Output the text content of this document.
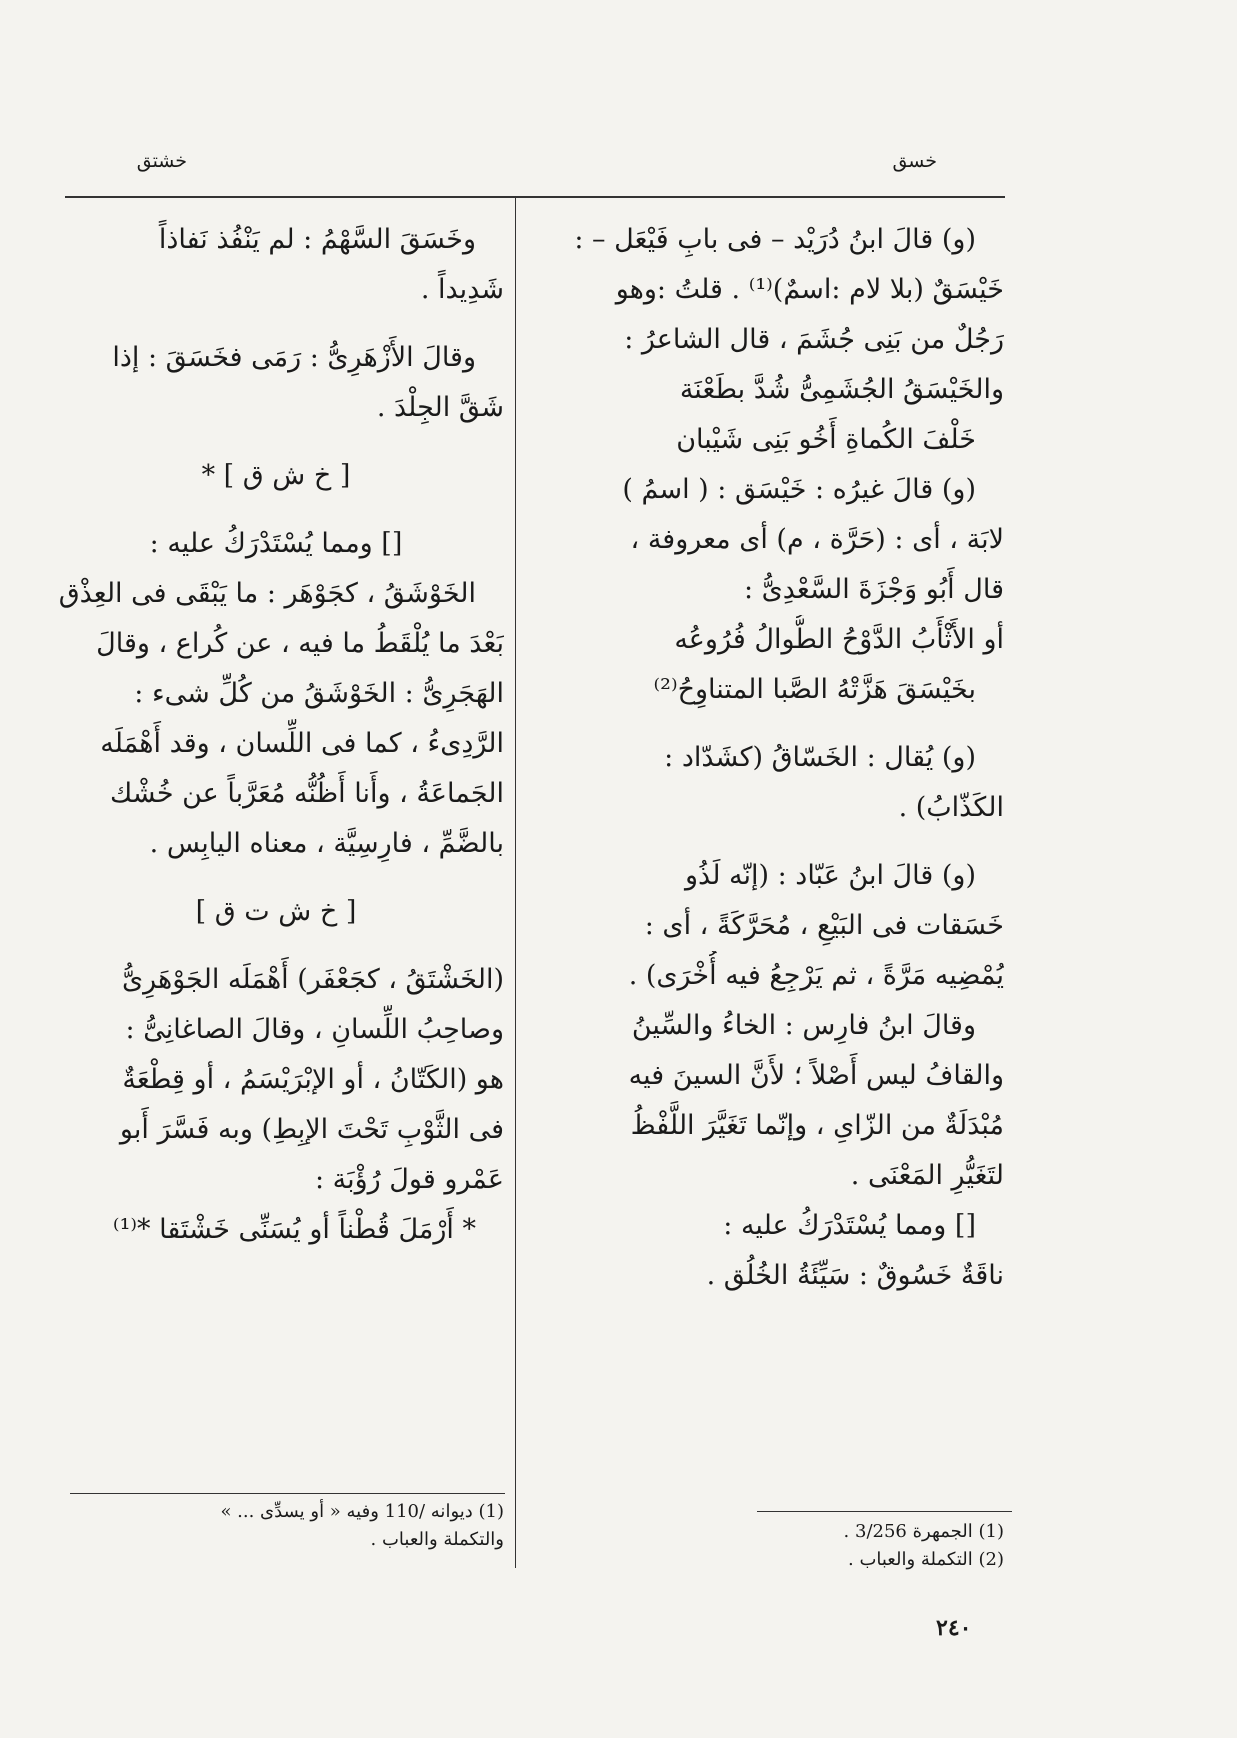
خسق
خشتق
(و) قالَ ابنُ دُرَيْد – فى بابِ فَيْعَل – :
خَيْسَقٌ (بلا لام :اسمٌ)⁽¹⁾ . قلتُ :وهو
رَجُلٌ من بَنِى جُشَمَ ، قال الشاعرُ :
والخَيْسَقُ الجُشَمِىُّ شُدَّ بطَعْنَة
خَلْفَ الكُماةِ أَخُو بَنِى شَيْبان
(و) قالَ غيرُه : خَيْسَق : ( اسمُ )
لابَة ، أى : (حَرَّة ، م) أى معروفة ،
قال أَبُو وَجْزَةَ السَّعْدِىُّ :
أو الأَثْأَبُ الدَّوْحُ الطُّوالُ فُرُوعُه
بخَيْسَقَ هَزَّتْهُ الصَّبا المتناوِحُ⁽²⁾
(و) يُقال : الخَسّاقُ (كشَدّاد :
الكَذّابُ) .
(و) قالَ ابنُ عَبّاد : (إنّه لَذُو
خَسَقات فى البَيْعِ ، مُحَرَّكَةً ، أى :
يُمْضِيه مَرَّةً ، ثم يَرْجِعُ فيه أُخْرَى) .
وقالَ ابنُ فارِس : الخاءُ والسِّينُ
والقافُ ليس أَصْلاً ؛ لأَنَّ السينَ فيه
مُبْدَلَةٌ من الزّاىِ ، وإنّما تَغَيَّرَ اللَّفْظُ
لتَغَيُّرِ المَعْنَى .
[] ومما يُسْتَدْرَكُ عليه :
ناقَةٌ خَسُوقٌ : سَيِّئَةُ الخُلُق .
وخَسَقَ السَّهْمُ : لم يَنْفُذ نَفاذاً
شَدِيداً .
وقالَ الأَزْهَرِىُّ : رَمَى فخَسَقَ : إذا
شَقَّ الجِلْدَ .
[ خ ش ق ] *
[] ومما يُسْتَدْرَكُ عليه :
الخَوْشَقُ ، كجَوْهَر : ما يَبْقَى فى العِذْق
بَعْدَ ما يُلْقَطُ ما فيه ، عن كُراع ، وقالَ
الهَجَرِىُّ : الخَوْشَقُ من كُلِّ شىء :
الرَّدِىءُ ، كما فى اللِّسان ، وقد أَهْمَلَه
الجَماعَةُ ، وأَنا أَظُنُّه مُعَرَّباً عن خُشْك
بالضَّمِّ ، فارِسِيَّة ، معناه اليابِس .
[ خ ش ت ق ]
(الخَشْتَقُ ، كجَعْفَر) أَهْمَلَه الجَوْهَرِىُّ
وصاحِبُ اللِّسانِ ، وقالَ الصاغانِىُّ :
هو (الكَتّانُ ، أو الإبْرَيْسَمُ ، أو قِطْعَةٌ
فى الثَّوْبِ تَحْتَ الإبِطِ) وبه فَسَّرَ أَبو
عَمْرو قولَ رُؤْبَة :
* أَرْمَلَ قُطْناً أو يُسَنِّى خَشْتَقا *⁽¹⁾
(1) الجمهرة 3/256 .
(2) التكملة والعباب .
(1) ديوانه /110 وفيه « أو يسدِّى ... »
والتكملة والعباب .
٢٤٠
